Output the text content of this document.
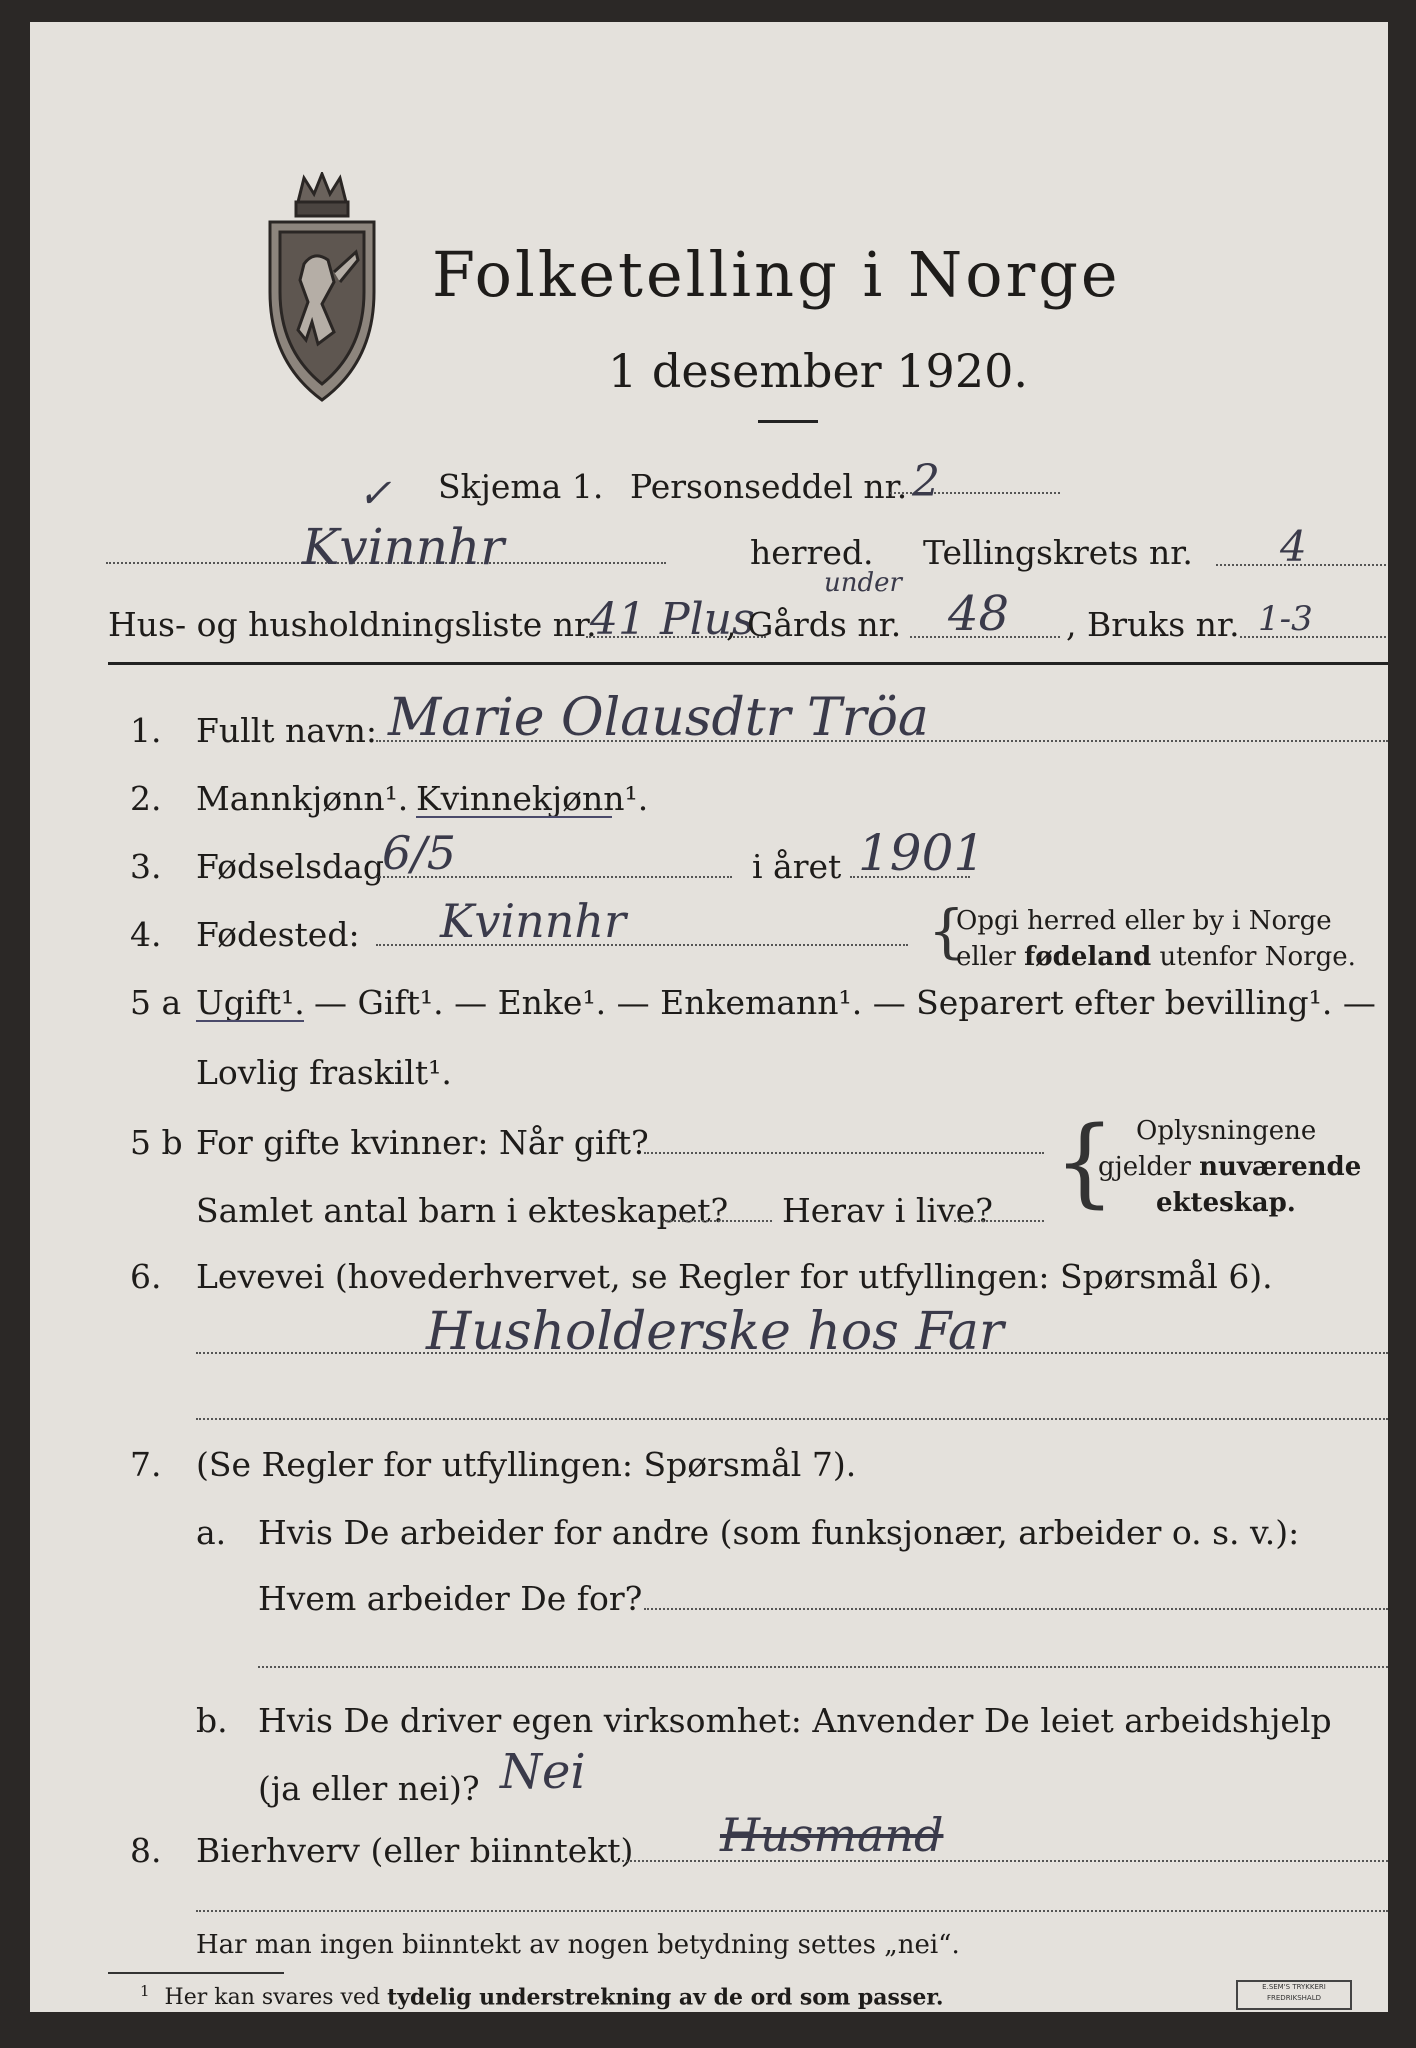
Folketelling i Norge
1 desember 1920.
✓ Skjema 1. Personseddel nr. 2
Kvinnhr	herred. Tellingskrets nr. 4
Hus- og husholdningsliste nr.
41 Plus
, Gårds nr.
under
48 , Bruks nr. 1-3
1. Fullt navn: Marie Olausdtr Tröa
2. Mannkjønn¹. Kvinnekjønn¹.
3. Fødselsdag
6/5	i året 1901
4. Fødested: Kvinnhr	{
Opgi herred eller by i Norge
eller fødeland utenfor Norge.
5 a Ugift¹. — Gift¹. — Enke¹. — Enkemann¹. — Separert efter bevilling¹. —
Lovlig fraskilt¹.
5 b For gifte kvinner: Når gift?
Samlet antal barn i ekteskapet? Herav i live? { Oplysningene
gjelder nuværende
ekteskap.
6. Levevei (hovederhvervet, se Regler for utfyllingen: Spørsmål 6).
Husholderske hos Far
7. (Se Regler for utfyllingen: Spørsmål 7).
a. Hvis De arbeider for andre (som funksjonær, arbeider o. s. v.):
Hvem arbeider De for?
b. Hvis De driver egen virksomhet: Anvender De leiet arbeidshjelp
(ja eller nei)? Nei
8. Bierhverv (eller biinntekt) Husmand
Har man ingen biinntekt av nogen betydning settes „nei“.
$^1$ Her kan svares ved tydelig understrekning av de ord som passer.	E.SEM'S TRYKKERI
FREDRIKSHALD
